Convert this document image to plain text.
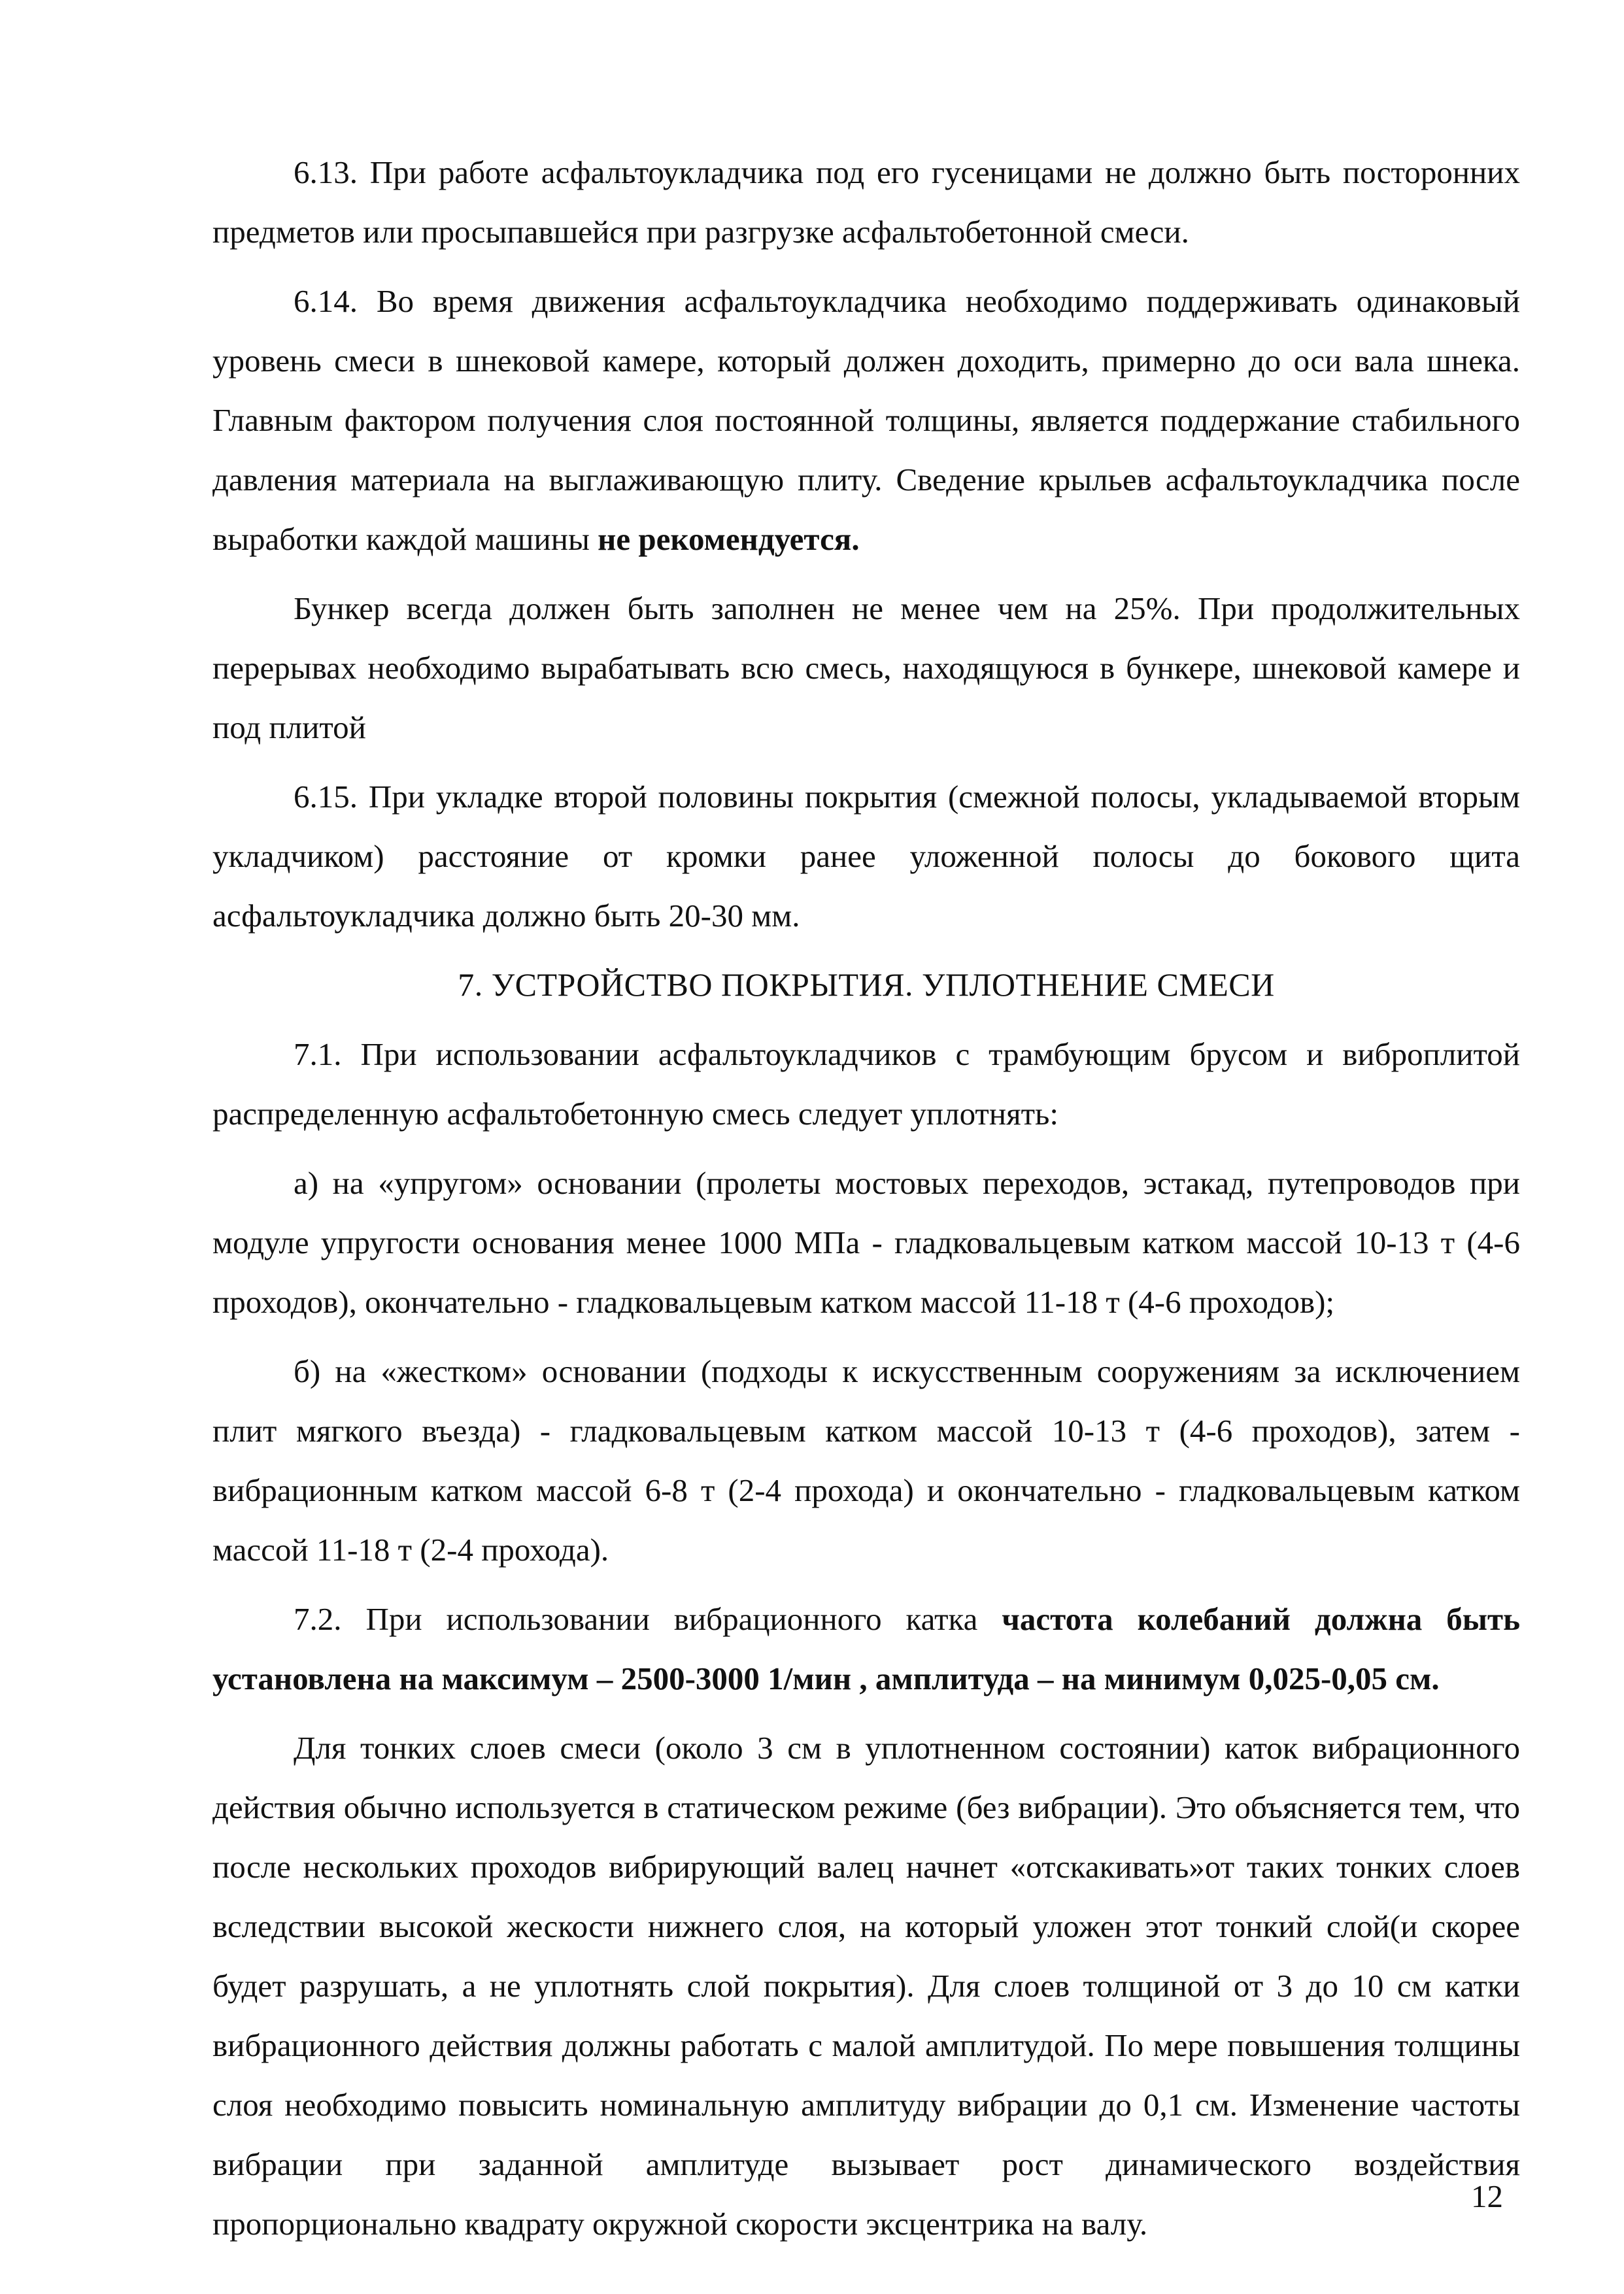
6.13. При работе асфальтоукладчика под его гусеницами не должно быть посторонних предметов или просыпавшейся при разгрузке асфальтобетонной смеси.

6.14. Во время движения асфальтоукладчика необходимо поддерживать одинаковый уровень смеси в шнековой камере, который должен доходить, примерно до оси вала шнека. Главным фактором получения слоя постоянной толщины, является поддержание стабильного давления материала на выглаживающую плиту. Сведение крыльев асфальтоукладчика после выработки каждой машины не рекомендуется.

Бункер всегда должен быть заполнен не менее чем на 25%. При продолжительных перерывах необходимо вырабатывать всю смесь, находящуюся в бункере, шнековой камере и под плитой

6.15. При укладке второй половины покрытия (смежной полосы, укладываемой вторым укладчиком) расстояние от кромки ранее уложенной полосы до бокового щита асфальтоукладчика должно быть 20-30 мм.

7. УСТРОЙСТВО ПОКРЫТИЯ. УПЛОТНЕНИЕ СМЕСИ

7.1. При использовании асфальтоукладчиков с трамбующим брусом и виброплитой распределенную асфальтобетонную смесь следует уплотнять:

а) на «упругом» основании (пролеты мостовых переходов, эстакад, путепроводов при модуле упругости основания менее 1000 МПа - гладковальцевым катком массой 10-13 т (4-6 проходов), окончательно - гладковальцевым катком массой 11-18 т (4-6 проходов);

б) на «жестком» основании (подходы к искусственным сооружениям за исключением плит мягкого въезда) - гладковальцевым катком массой 10-13 т (4-6 проходов), затем - вибрационным катком массой 6-8 т (2-4 прохода) и окончательно - гладковальцевым катком массой 11-18 т (2-4 прохода).

7.2. При использовании вибрационного катка частота колебаний должна быть установлена на максимум – 2500-3000 1/мин , амплитуда – на минимум 0,025-0,05 см.

Для тонких слоев смеси (около 3 см в уплотненном состоянии) каток вибрационного действия обычно используется в статическом режиме (без вибрации). Это объясняется тем, что после нескольких проходов вибрирующий валец начнет «отскакивать»от таких тонких слоев вследствии высокой жескости нижнего слоя, на который уложен этот тонкий слой(и скорее будет разрушать, а не уплотнять слой покрытия). Для слоев толщиной от 3 до 10 см катки вибрационного действия должны работать с малой амплитудой. По мере повышения толщины слоя необходимо повысить номинальную амплитуду вибрации до 0,1 см. Изменение частоты вибрации при заданной амплитуде вызывает рост динамического воздействия пропорционально квадрату окружной скорости эксцентрика на валу.

12
